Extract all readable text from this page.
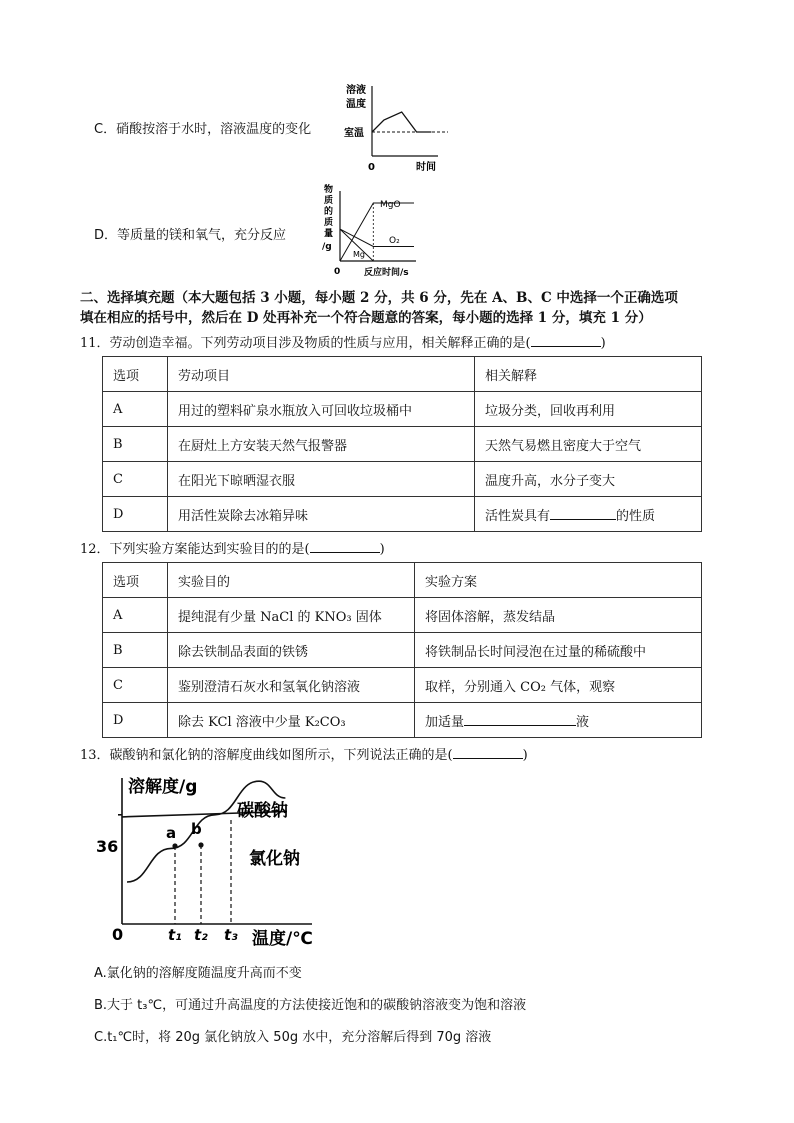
C．硝酸按溶于水时，溶液温度的变化
溶液
温度
室温
0	时间
D．等质量的镁和氧气，充分反应
物
质
的
质
量
/g
MgO
O₂
Mg
0	反应时间/s
二、选择填充题（本大题包括 3 小题，每小题 2 分，共 6 分，先在 A、B、C 中选择一个正确选项
填在相应的括号中，然后在 D 处再补充一个符合题意的答案，每小题的选择 1 分，填充 1 分）
11．劳动创造幸福。下列劳动项目涉及物质的性质与应用，相关解释正确的是(	)
选项	劳动项目	相关解释
A	用过的塑料矿泉水瓶放入可回收垃圾桶中	垃圾分类，回收再利用
B	在厨灶上方安装天然气报警器	天然气易燃且密度大于空气
C	在阳光下晾晒湿衣服	温度升高，水分子变大
D	用活性炭除去冰箱异味	活性炭具有 的性质
12．下列实验方案能达到实验目的的是(	)
选项	实验目的	实验方案
A	提纯混有少量 NaCl 的 KNO₃ 固体	将固体溶解，蒸发结晶
B	除去铁制品表面的铁锈	将铁制品长时间浸泡在过量的稀硫酸中
C	鉴别澄清石灰水和氢氧化钠溶液	取样，分别通入 CO₂ 气体，观察
D	除去 KCl 溶液中少量 K₂CO₃	加适量 液
13．碳酸钠和氯化钠的溶解度曲线如图所示，下列说法正确的是(	)
溶解度/g
36
0	温度/℃
碳酸钠
氯化钠
a b
t₁ t₂ t₃
A.氯化钠的溶解度随温度升高而不变
B.大于 t₃℃，可通过升高温度的方法使接近饱和的碳酸钠溶液变为饱和溶液
C.t₁℃时，将 20g 氯化钠放入 50g 水中，充分溶解后得到 70g 溶液
